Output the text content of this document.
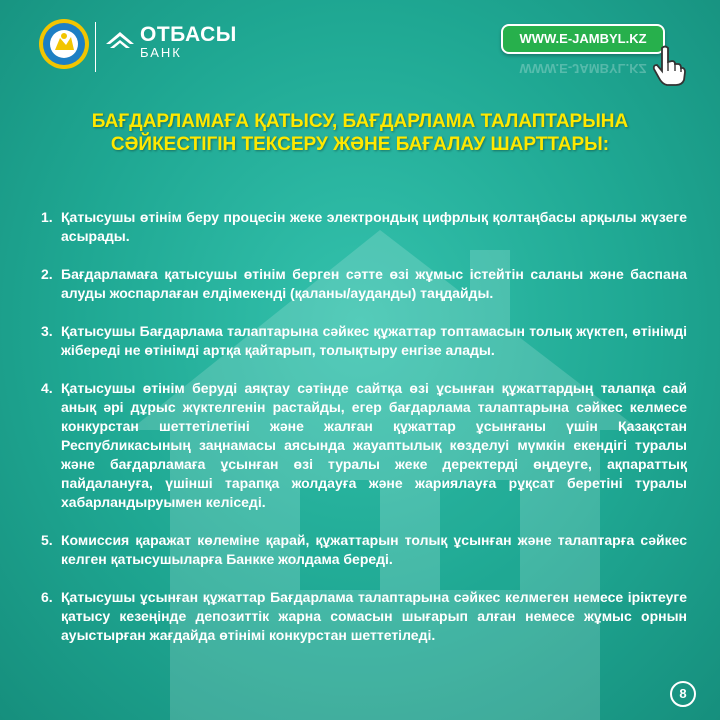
ОТБАСЫ
БАНК
WWW.E-JAMBYL.KZ
WWW.E-JAMBYL.KZ
БАҒДАРЛАМАҒА ҚАТЫСУ, БАҒДАРЛАМА ТАЛАПТАРЫНА
СӘЙКЕСТІГІН ТЕКСЕРУ ЖӘНЕ БАҒАЛАУ ШАРТТАРЫ:
1. Қатысушы өтінім беру процесін жеке электрондық цифрлық қолтаңбасы арқылы жүзеге асырады.
2. Бағдарламаға қатысушы өтінім берген сәтте өзі жұмыс істейтін саланы және баспана алуды жоспарлаған елдімекенді (қаланы/ауданды) таңдайды.
3. Қатысушы Бағдарлама талаптарына сәйкес құжаттар топтамасын толық жүктеп, өтінімді жібереді не өтінімді артқа қайтарып, толықтыру енгізе алады.
4. Қатысушы өтінім беруді аяқтау сәтінде сайтқа өзі ұсынған құжаттардың талапқа сай анық әрі дұрыс жүктелгенін растайды, егер бағдарлама талаптарына сәйкес келмесе конкурстан шеттетілетіні және жалған құжаттар ұсынғаны үшін Қазақстан Республикасының заңнамасы аясында жауаптылық көзделуі мүмкін екендігі туралы және бағдарламаға ұсынған өзі туралы жеке деректерді өңдеуге, ақпараттық пайдалануға, үшінші тарапқа жолдауға және жариялауға рұқсат беретіні туралы хабарландыруымен келіседі.
5. Комиссия қаражат көлеміне қарай, құжаттарын толық ұсынған және талаптарға сәйкес келген қатысушыларға Банкке жолдама береді.
6. Қатысушы ұсынған құжаттар Бағдарлама талаптарына сәйкес келмеген немесе іріктеуге қатысу кезеңінде депозиттік жарна сомасын шығарып алған немесе жұмыс орнын ауыстырған жағдайда өтінімі конкурстан шеттетіледі.
8
